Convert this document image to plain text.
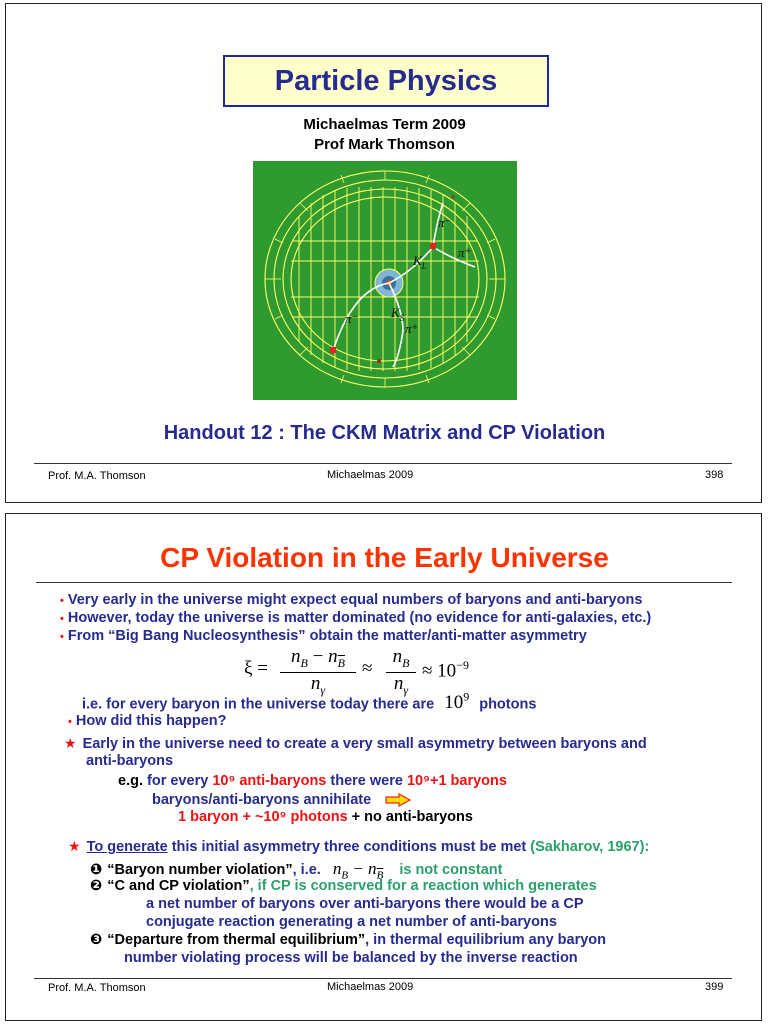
Particle Physics
Michaelmas Term 2009
Prof Mark Thomson
π⁻
$K_L$
π⁺
π⁻	$K_S$
π⁺
Handout 12 : The CKM Matrix and CP Violation
Prof. M.A. Thomson	Michaelmas 2009	398
CP Violation in the Early Universe
• Very early in the universe might expect equal numbers of baryons and anti-baryons
• However, today the universe is matter dominated (no evidence for anti-galaxies, etc.)
• From “Big Bang Nucleosynthesis” obtain the matter/anti-matter asymmetry
ξ =
$n_B - n_{\overline{B}}$
$n_\gamma$
≈
$n_B$
$n_\gamma$
≈ $10^{-9}$
i.e. for every baryon in the universe today there are $10^9$ photons
• How did this happen?
★ Early in the universe need to create a very small asymmetry between baryons and
anti-baryons
e.g. for every 10⁹ anti-baryons there were 10⁹+1 baryons
baryons/anti-baryons annihilate
1 baryon + ~10⁹ photons + no anti-baryons
★ To generate this initial asymmetry three conditions must be met (Sakharov, 1967):
❶ “Baryon number violation”, i.e. $n_B - n_{\overline{B}}$ is not constant
❷ “C and CP violation”, if CP is conserved for a reaction which generates
a net number of baryons over anti-baryons there would be a CP
conjugate reaction generating a net number of anti-baryons
❸ “Departure from thermal equilibrium”, in thermal equilibrium any baryon
number violating process will be balanced by the inverse reaction
Prof. M.A. Thomson	Michaelmas 2009	399
